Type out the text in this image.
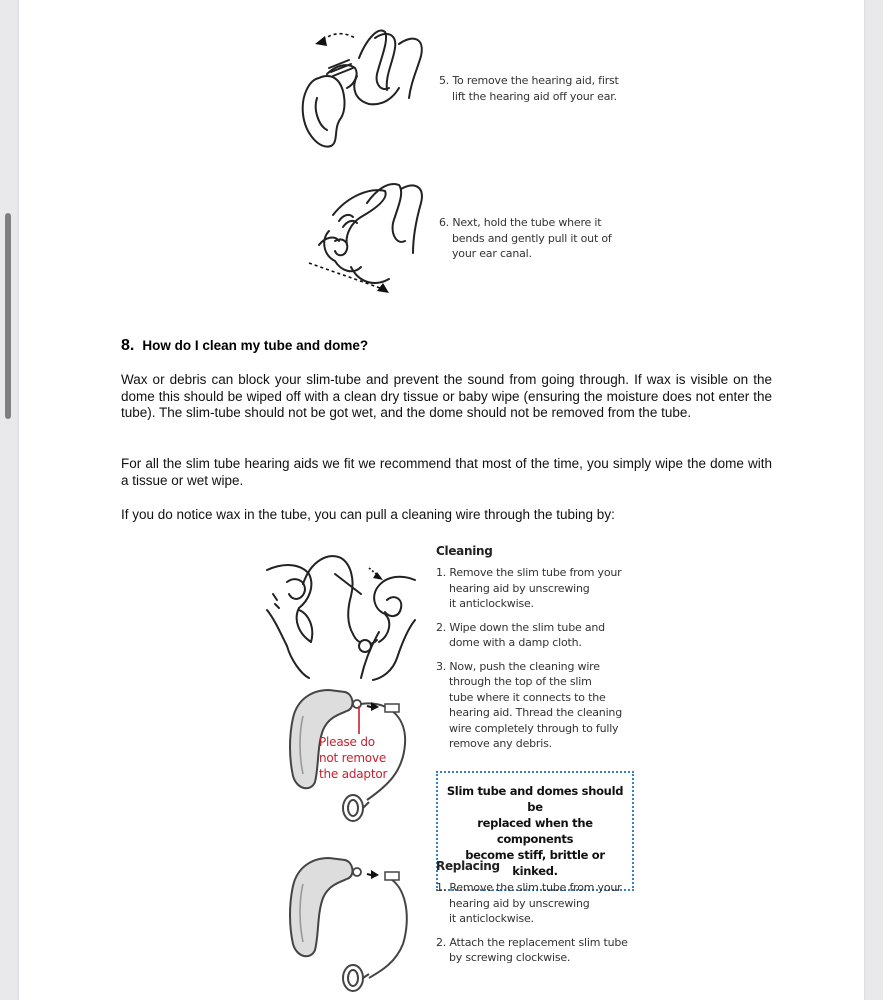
5. To remove the hearing aid, first
lift the hearing aid off your ear.
6. Next, hold the tube where it
bends and gently pull it out of
your ear canal.
8. How do I clean my tube and dome?
Wax or debris can block your slim-tube and prevent the sound from going through. If wax is visible on the dome this should be wiped off with a clean dry tissue or baby wipe (ensuring the moisture does not enter the tube). The slim-tube should not be got wet, and the dome should not be removed from the tube.
For all the slim tube hearing aids we fit we recommend that most of the time, you simply wipe the dome with a tissue or wet wipe.
If you do notice wax in the tube, you can pull a cleaning wire through the tubing by:
Please do
not remove
the adaptor
Cleaning
1. Remove the slim tube from your
hearing aid by unscrewing
it anticlockwise.
2. Wipe down the slim tube and
dome with a damp cloth.
3. Now, push the cleaning wire
through the top of the slim
tube where it connects to the
hearing aid. Thread the cleaning
wire completely through to fully
remove any debris.
Slim tube and domes should be
replaced when the components
become stiff, brittle or kinked.
Replacing
1. Remove the slim tube from your
hearing aid by unscrewing
it anticlockwise.
2. Attach the replacement slim tube
by screwing clockwise.
